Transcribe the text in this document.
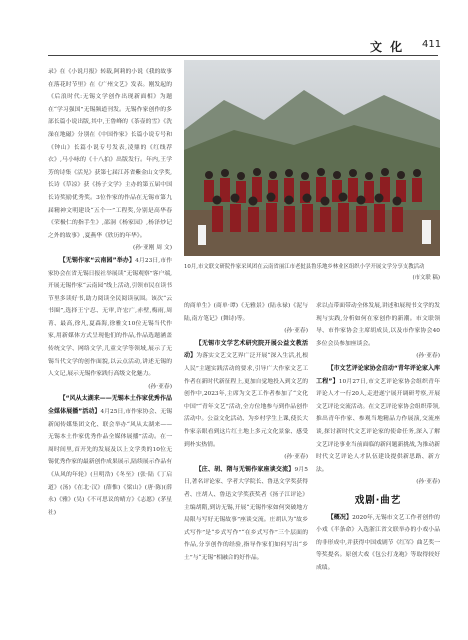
文 化 411

录》在《小说月报》转载,阿莉的小说《我的故事在落花时节里》在《广州文艺》发表。刚发起的《后浪时代:无锡文学创作出现新面相》为题在“学习强国”无锡频道刊发。无锡作家创作的多部长篇小说出版,其中,王鲁峰的《茶壶的雪》《洗澡在地磁》分别在《中国作家》长篇小说专号和《钟山》长篇小说专号发表,凌鼎的《红线荐衣》,马小咏的《十八拍》出版发行。年内,王学芳的诗集《活见》获第七届江苏省紫金山文学奖,长诗《草凉》获《扬子文学》主办的第五届中国长诗奖励优秀奖。3位作家的作品在无锡市第九届精神文明建设“五个一”工程奖,分别是高华春《荣极仁的指手生》,邵洞《杨家园》,杨泽炒记之外的故事》,夏燕华《欣历的年华》。

(孙·亚刚 周 文)

【无锡作家“云南园”举办】4月23日,市作家协会在省无锡日报社举展读“无锡观察”客户端,开展无锡作家“云南园”线上活动,引领市民在读书节里多读好书,助力阅读全民阅读氛围。该次“云书圈”,选择王宁忍、无审,许宏广,赤壁,梅雨,周菁、最高,徐凡,夏森海,徐雅文10位无锡当代作家,用新媒体方式呈现他们的作品,作品选题涵盖传统文学、网络文学,儿童文学等领域,展示了无锡当代文学的创作面貌,以云点活动,讲述无锡的人文记,展示无锡作家践行高级文化魅力。

(孙·亚春)

【“风从太湖来——无锡本土作家优秀作品全媒体展播”活动】4月25日,市作家协会、无锡新闻传媒集团文化、联会举办“风从太湖来——无锡本土作家优秀作品全媒体展播”活动。在一周时间里,首开先的发展及以上文学类的10位无锡优秀作家的最新创作成果展示,陆续展示作品有《从风的年轮》(旦明浩)《冬至》(张·陆《丁启道》(汤)《在北·汉》(薛惟)《梁山》(唐·陈)(薛永)《雅》(吴)《不可思议的晴方》《志愿》(茅星社)

10月,市文联文研院作家采风团在云南省丽江市老挝县鲁乐地乡林业区组织小学开展文学分享支教活动
(市文联 稿)

的商单生》(商单·谭)《无雅景》(陆永禄)《泥与陆,南方笔记》(舞诗)等。

(孙·亚春)

【无锡市文学艺术研究院开展公益文教活动】为落实文艺文艺界广泛开展“深入生活,扎根人民”主题实践活动的要求,引导广大作家文艺工作者在新时代新征程上,更加自觉地投入到文艺的创作中,2023年,主席为文艺工作者参加了“文化中国”“青年文艺”活动,全方位地参与到作品创作活动中。公益文化活动、为乡村学生上课,使长大作家亲眼看到这片红土地上多元文化景象、感受到朴实热情。

(孙·亚春)

【庄、胡、隋与无锡作家座谈交流】9月5日,著名评论家、学者大学院长、鲁迅文学奖获得者、庄胡人、鲁迅文学奖获奖者《扬子江评论》主编胡隋,到访无锡,开展“无锡作家如何突破地方局限与写好无锡故事”座谈交流。庄胡认为“故乡式写作”是“乡式写作”“在乡式写作”三个层面的作品,分享创作的经验,指导作家们如何写出“乡土”与“无锡”相融合的好作品。

求以点带面带动全体发展,讲述和展现书文学的发现与实践,分析如何在家创作的新潮。市文联领导、市作家协会主席胡成员,以及市作家协会40多位会员参加座谈会。

(孙·亚春)

【市文艺评论家协会启动“青年评论家入库工程”】10月27日,市文艺评论家协会组织青年评论人才一行20人,走进遂宁展开调研考察,开展文艺评论交流活动。在文艺评论家协会组织带领,推出青年作家、参观当地精品力作展演,交流座谈,探讨新时代文艺评论家的使命任务,深入了解文艺评论事业当前面临的新问题新挑战,为推动新时代文艺评论人才队伍建设提供新思路、新方法。

(孙·亚春)

戏剧·曲艺

【概况】2020年,无锡市文艺工作者创作的小戏《半条命》入选浙江省文联举办的小戏小品的非形成中,并获得中国戏剧节《红军》曲艺奖一等奖提名。原创大戏《包公打龙袍》等取得较好成绩。
